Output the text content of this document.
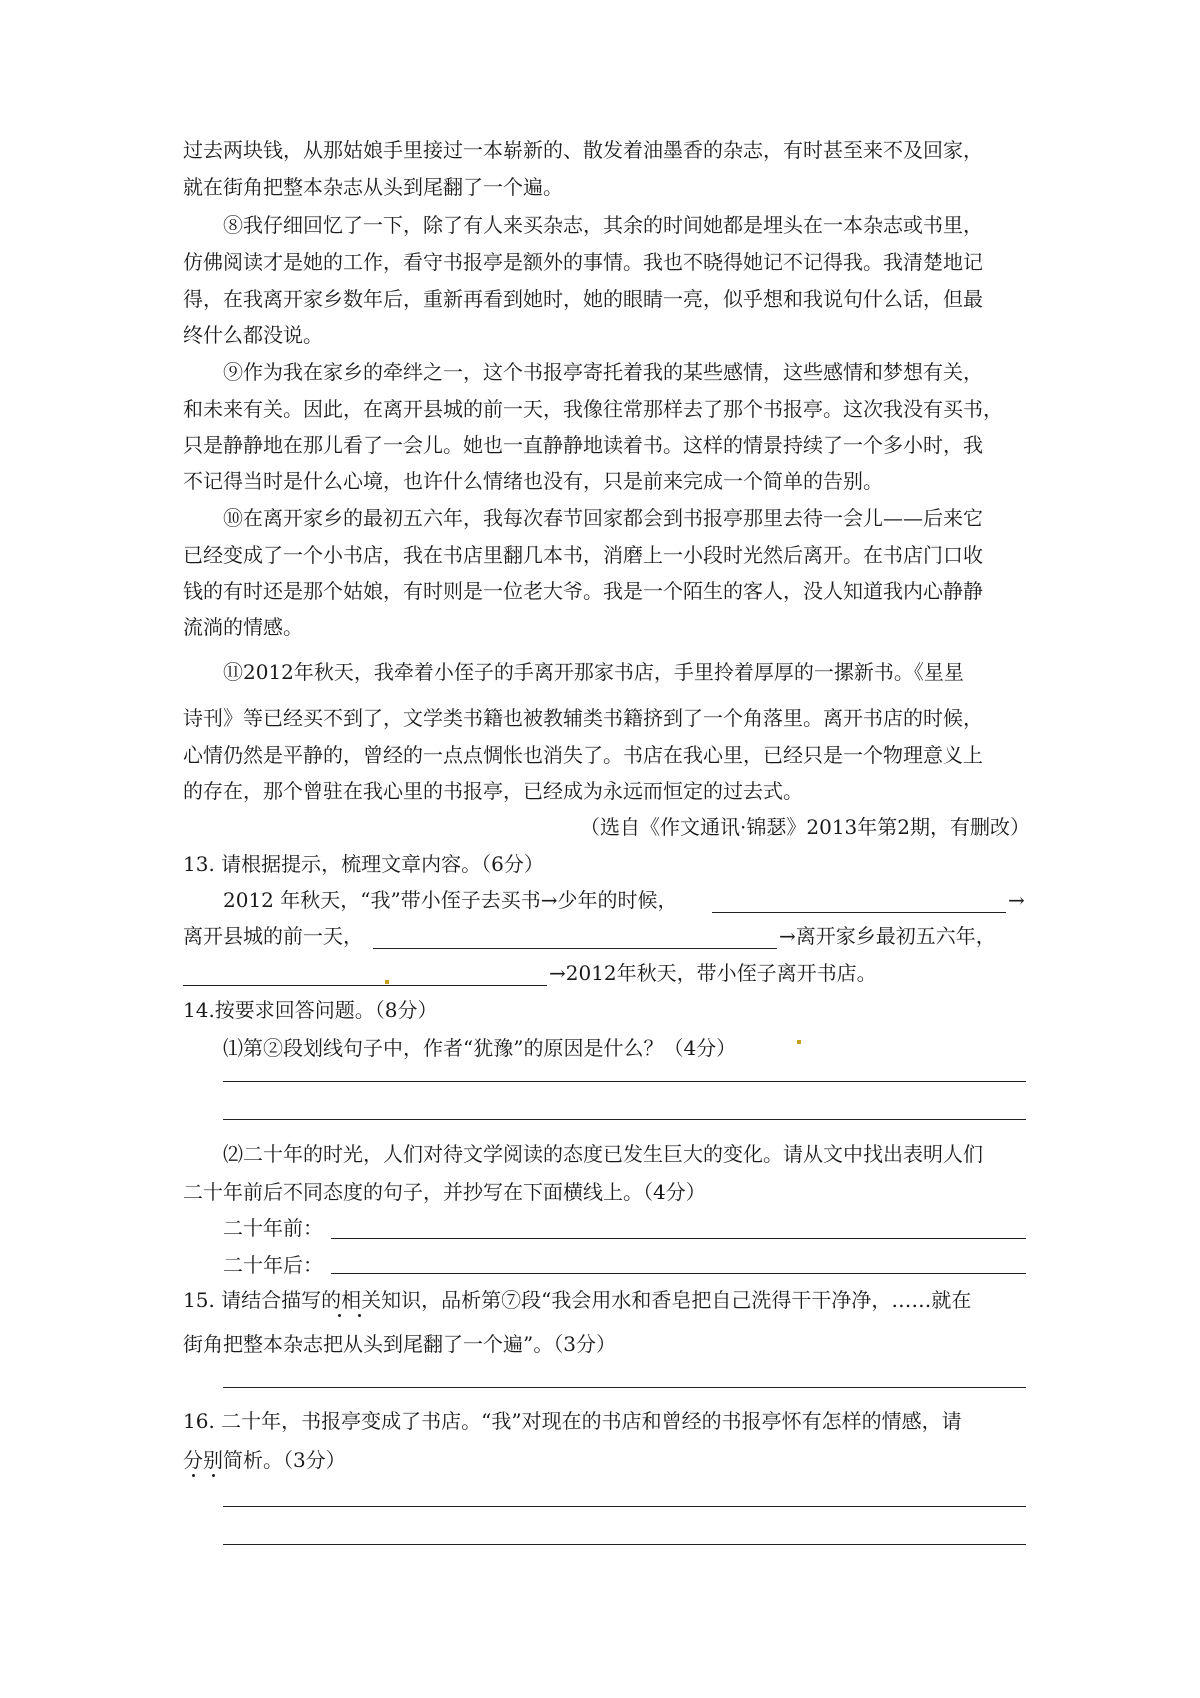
过去两块钱，从那姑娘手里接过一本崭新的、散发着油墨香的杂志，有时甚至来不及回家，
就在街角把整本杂志从头到尾翻了一个遍。
⑧我仔细回忆了一下，除了有人来买杂志，其余的时间她都是埋头在一本杂志或书里，
仿佛阅读才是她的工作，看守书报亭是额外的事情。我也不晓得她记不记得我。我清楚地记
得，在我离开家乡数年后，重新再看到她时，她的眼睛一亮，似乎想和我说句什么话，但最
终什么都没说。
⑨作为我在家乡的牵绊之一，这个书报亭寄托着我的某些感情，这些感情和梦想有关，
和未来有关。因此，在离开县城的前一天，我像往常那样去了那个书报亭。这次我没有买书，
只是静静地在那儿看了一会儿。她也一直静静地读着书。这样的情景持续了一个多小时，我
不记得当时是什么心境，也许什么情绪也没有，只是前来完成一个简单的告别。
⑩在离开家乡的最初五六年，我每次春节回家都会到书报亭那里去待一会儿——后来它
已经变成了一个小书店，我在书店里翻几本书，消磨上一小段时光然后离开。在书店门口收
钱的有时还是那个姑娘，有时则是一位老大爷。我是一个陌生的客人，没人知道我内心静静
流淌的情感。
⑪2012年秋天，我牵着小侄子的手离开那家书店，手里拎着厚厚的一摞新书。《星星
诗刊》等已经买不到了，文学类书籍也被教辅类书籍挤到了一个角落里。离开书店的时候，
心情仍然是平静的，曾经的一点点惆怅也消失了。书店在我心里，已经只是一个物理意义上
的存在，那个曾驻在我心里的书报亭，已经成为永远而恒定的过去式。
（选自《作文通讯·锦瑟》2013年第2期，有删改）
13. 请根据提示，梳理文章内容。（6分）
2012 年秋天，“我”带小侄子去买书→少年的时候，	→
离开县城的前一天，	→离开家乡最初五六年，
→2012年秋天，带小侄子离开书店。
14.按要求回答问题。（8分）
⑴第②段划线句子中，作者“犹豫”的原因是什么？（4分）
⑵二十年的时光，人们对待文学阅读的态度已发生巨大的变化。请从文中找出表明人们
二十年前后不同态度的句子，并抄写在下面横线上。（4分）
二十年前：
二十年后：
15. 请结合描写的相关知识，品析第⑦段“我会用水和香皂把自己洗得干干净净，……就在
街角把整本杂志把从头到尾翻了一个遍”。（3分）
16. 二十年，书报亭变成了书店。“我”对现在的书店和曾经的书报亭怀有怎样的情感，请
分别简析。（3分）
